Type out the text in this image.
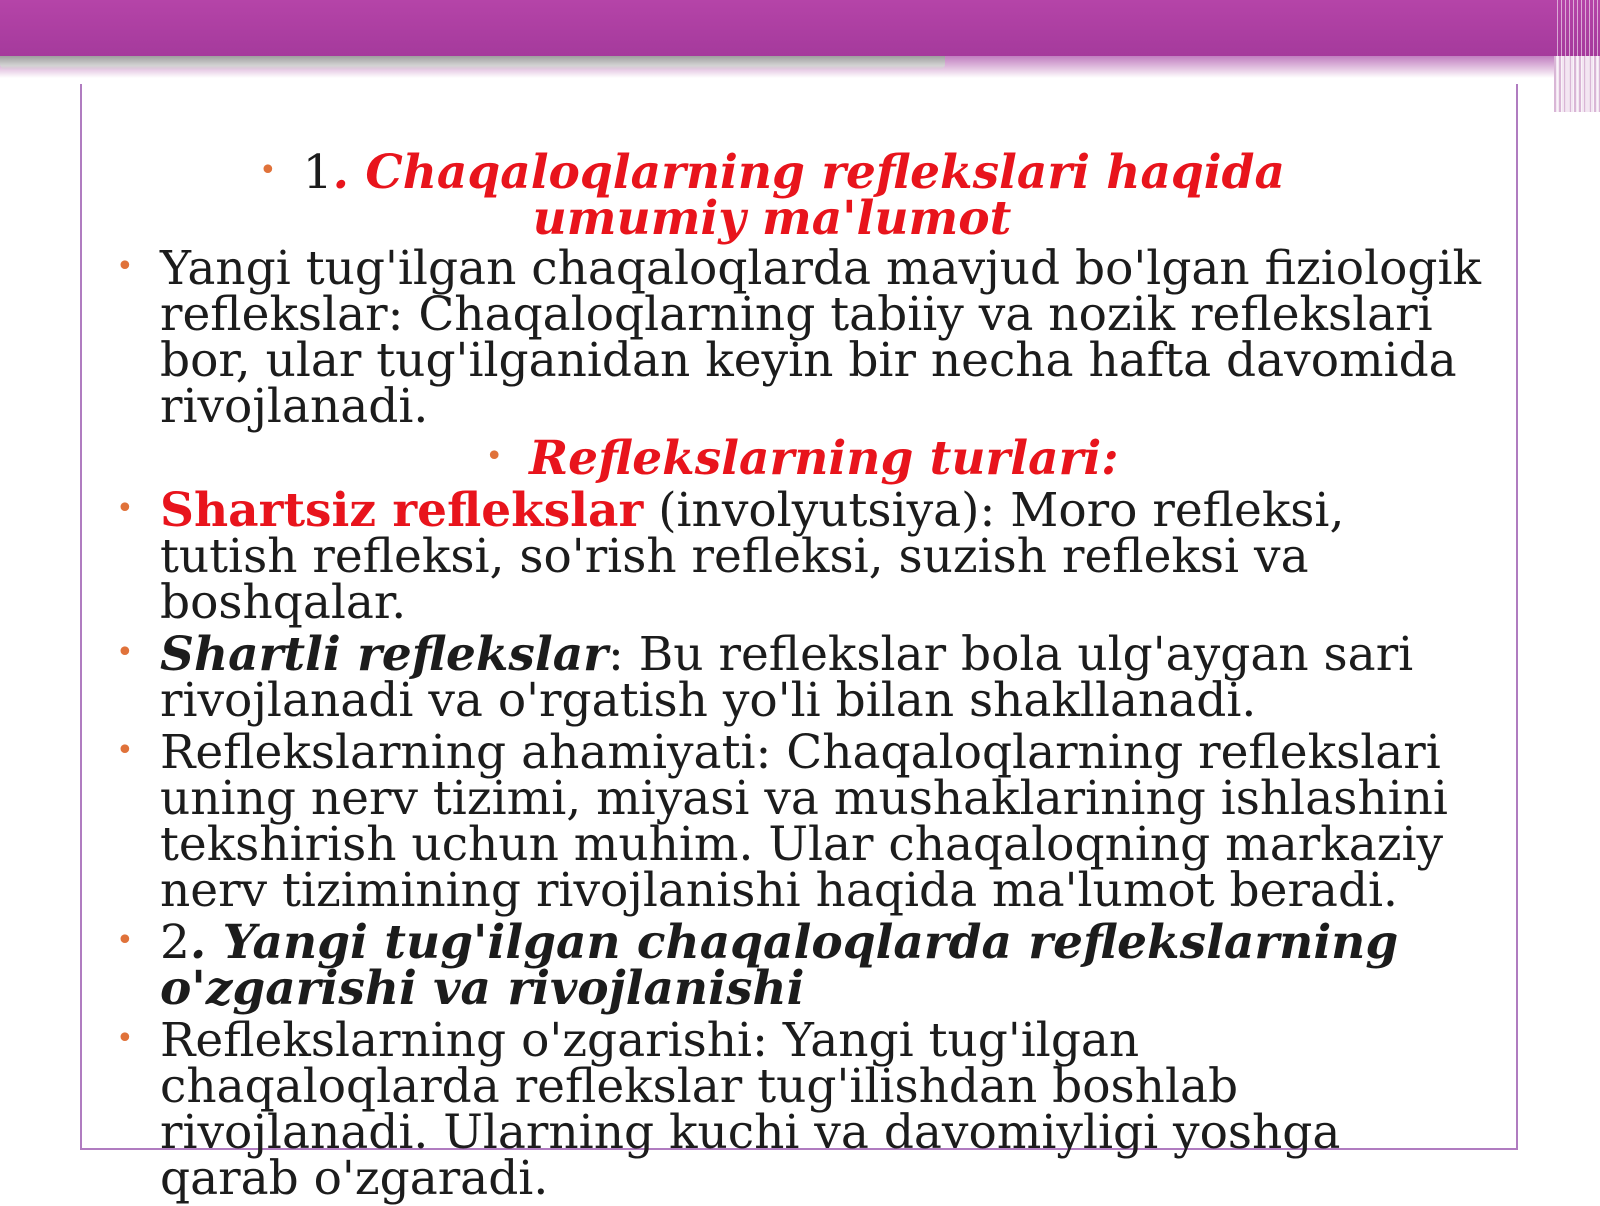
• 1. Chaqaloqlarning reflekslari haqida umumiy ma'lumot

• Yangi tug'ilgan chaqaloqlarda mavjud bo'lgan fiziologik reflekslar: Chaqaloqlarning tabiiy va nozik reflekslari bor, ular tug'ilganidan keyin bir necha hafta davomida rivojlanadi.

• Reflekslarning turlari:

• Shartsiz reflekslar (involyutsiya): Moro refleksi, tutish refleksi, so'rish refleksi, suzish refleksi va boshqalar.

• Shartli reflekslar: Bu reflekslar bola ulg'aygan sari rivojlanadi va o'rgatish yo'li bilan shakllanadi.

• Reflekslarning ahamiyati: Chaqaloqlarning reflekslari uning nerv tizimi, miyasi va mushaklarining ishlashini tekshirish uchun muhim. Ular chaqaloqning markaziy nerv tizimining rivojlanishi haqida ma'lumot beradi.

• 2. Yangi tug'ilgan chaqaloqlarda reflekslarning o'zgarishi va rivojlanishi

• Reflekslarning o'zgarishi: Yangi tug'ilgan chaqaloqlarda reflekslar tug'ilishdan boshlab rivojlanadi. Ularning kuchi va davomiyligi yoshga qarab o'zgaradi.
